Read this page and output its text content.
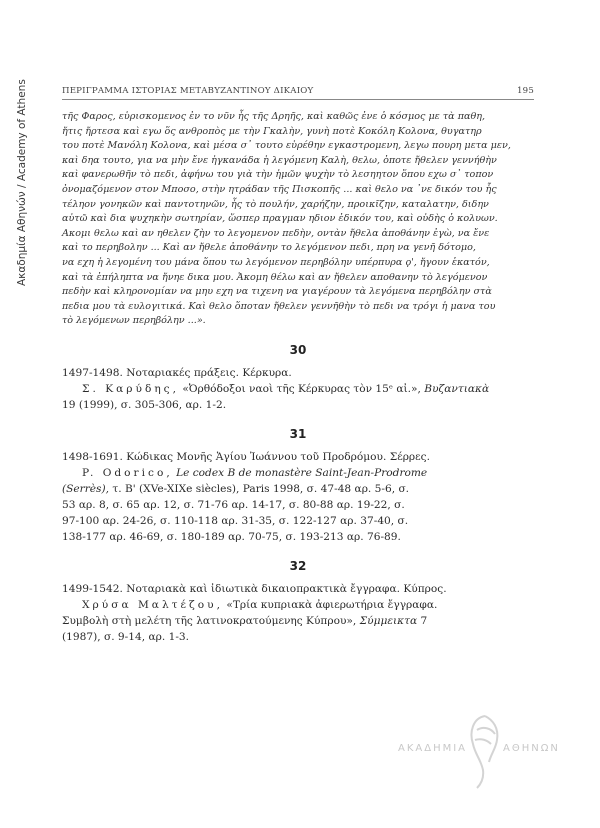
Ακαδημία Αθηνών / Academy of Athens	ΠΕΡΙΓΡΑΜΜΑ ΙΣΤΟΡΙΑΣ ΜΕΤΑΒΥΖΑΝΤΙΝΟΥ ΔΙΚΑΙΟΥ	195

τῆς Φαρος, εὑρισκομενος ἐν το νῦν ἧς τῆς Δρηῆς, καὶ καθῶς ἐνε ὁ κόσμος με τὰ παθη,

ἤτις ἤρτεσα καὶ εγω ὅς ανθροπὸς με τὴν Γκαλὴν, γυνὴ ποτὲ Κοκόλη Κολονα, θυγατηρ

του ποτὲ Μανόλη Κολονα, καὶ μέσα σ᾿ τουτο εὑρέθην εγκαστρομενη, λεγω πουρη μετα μεν,

καὶ δηα τουτο, για να μὴν ἔνε ἠγκανάδα ἡ λεγόμενη Καλὴ, θελω, ὁποτε ἤθελεν γεννήθὴν

καὶ φανερωθῆν τὸ πεδι, ἀφήνω του γιὰ τὴν ἡμῶν ψυχὴν τὸ λεσηητον ὅπου εχω σ᾿ τοπον

ὀνομαζόμενον στον Μποσο, στὴν ητράδαν τῆς Πισκοπῆς ... καὶ θελο να ᾿νε δικόν του ἧς

τέληον γονηκῶν καὶ παντοτηνῶν, ἧς τὸ πουλήν, χαρήζην, προικῖζην, καταλατην, διδην

αὐτῶ καὶ δια ψυχηκὴν σωτηρίαν, ὥσπερ πραγμαν ηδιον ἐδικόν του, καὶ οὐδὴς ὁ κολυων.

Ακομι θελω καὶ αν ηθελεν ζὴν το λεγομενον πεδὴν, οντὰν ἤθελα ἀποθάνην ἐγὼ, να ἔνε

καὶ το περηβολην ... Καὶ αν ἤθελε ἀποθάνην το λεγόμενον πεδι, πρη να γενῆ δότομο,

να εχη ἡ λεγομένη του μάνα ὅπου τω λεγόμενον περηβόλην υπέρπυρα ϙ', ἤγουν ἑκατόν,

καὶ τὰ ἐπήληπτα να ἤνηε δικα μου. Ἀκομη θέλω καὶ αν ἤθελεν αποθανην τὸ λεγόμενον

πεδὴν καὶ κληρονομίαν να μηυ εχη να τιχενη να γιαγέρουν τὰ λεγόμενα περηβόλην στὰ

πεδια μου τὰ ευλογιτικά. Καὶ θελο ὅποταν ἤθελεν γεννῆθὴν τὸ πεδι να τρόγι ἡ μανα του

τὸ λεγόμενων περηβόλην ...».

30

1497-1498. Νοταριακές πράξεις. Κέρκυρα.

Σ. Καρύδης, «Ὀρθόδοξοι ναοὶ τῆς Κέρκυρας τὸν 15ᵉ αἰ.», Βυζαντιακὰ

19 (1999), σ. 305-306, αρ. 1-2.

31

1498-1691. Κώδικας Μονῆς Ἁγίου Ἰωάννου τοῦ Προδρόμου. Σέρρες.

P. Odorico, Le codex B de monastère Saint-Jean-Prodrome

(Serrès), τ. Β' (XVe-XIXe siècles), Paris 1998, σ. 47-48 αρ. 5-6, σ.

53 αρ. 8, σ. 65 αρ. 12, σ. 71-76 αρ. 14-17, σ. 80-88 αρ. 19-22, σ.

97-100 αρ. 24-26, σ. 110-118 αρ. 31-35, σ. 122-127 αρ. 37-40, σ.

138-177 αρ. 46-69, σ. 180-189 αρ. 70-75, σ. 193-213 αρ. 76-89.

32

1499-1542. Νοταριακὰ καὶ ἰδιωτικὰ δικαιοπρακτικὰ ἔγγραφα. Κύπρος.

Χρύσα Μαλτέζου, «Τρία κυπριακὰ ἀφιερωτήρια ἔγγραφα.

Συμβολὴ στὴ μελέτη τῆς λατινοκρατούμενης Κύπρου», Σύμμεικτα 7

(1987), σ. 9-14, αρ. 1-3.

ΑΚΑΔΗΜΙΑ	ΑΘΗΝΩΝ
